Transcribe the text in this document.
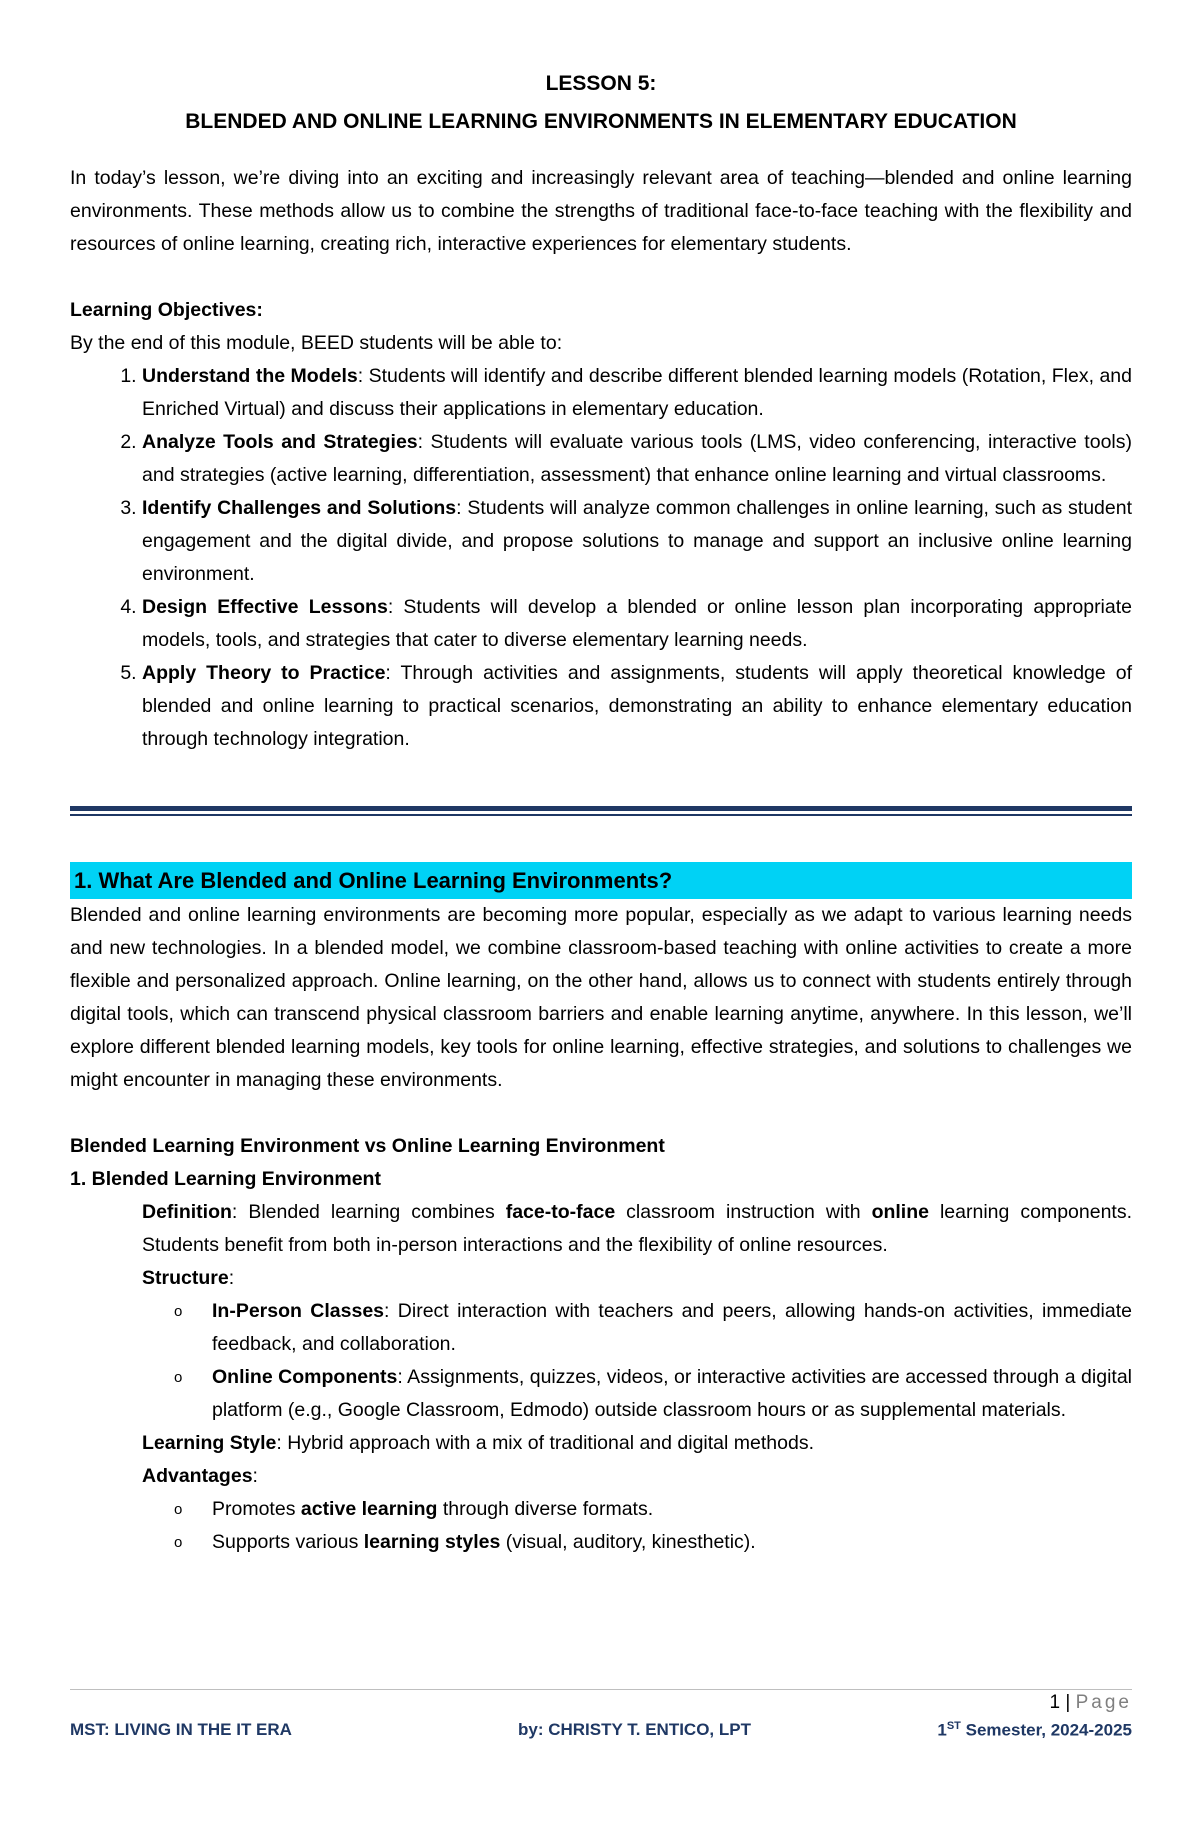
LESSON 5:
BLENDED AND ONLINE LEARNING ENVIRONMENTS IN ELEMENTARY EDUCATION

In today’s lesson, we’re diving into an exciting and increasingly relevant area of teaching—blended and online learning environments. These methods allow us to combine the strengths of traditional face-to-face teaching with the flexibility and resources of online learning, creating rich, interactive experiences for elementary students.

Learning Objectives:

By the end of this module, BEED students will be able to:

1. Understand the Models: Students will identify and describe different blended learning models (Rotation, Flex, and Enriched Virtual) and discuss their applications in elementary education.
2. Analyze Tools and Strategies: Students will evaluate various tools (LMS, video conferencing, interactive tools) and strategies (active learning, differentiation, assessment) that enhance online learning and virtual classrooms.
3. Identify Challenges and Solutions: Students will analyze common challenges in online learning, such as student engagement and the digital divide, and propose solutions to manage and support an inclusive online learning environment.
4. Design Effective Lessons: Students will develop a blended or online lesson plan incorporating appropriate models, tools, and strategies that cater to diverse elementary learning needs.
5. Apply Theory to Practice: Through activities and assignments, students will apply theoretical knowledge of blended and online learning to practical scenarios, demonstrating an ability to enhance elementary education through technology integration.
1. What Are Blended and Online Learning Environments?

Blended and online learning environments are becoming more popular, especially as we adapt to various learning needs and new technologies. In a blended model, we combine classroom-based teaching with online activities to create a more flexible and personalized approach. Online learning, on the other hand, allows us to connect with students entirely through digital tools, which can transcend physical classroom barriers and enable learning anytime, anywhere. In this lesson, we’ll explore different blended learning models, key tools for online learning, effective strategies, and solutions to challenges we might encounter in managing these environments.

Blended Learning Environment vs Online Learning Environment

1. Blended Learning Environment

Definition: Blended learning combines face-to-face classroom instruction with online learning components. Students benefit from both in-person interactions and the flexibility of online resources.

Structure:

o In-Person Classes: Direct interaction with teachers and peers, allowing hands-on activities, immediate feedback, and collaboration.
o Online Components: Assignments, quizzes, videos, or interactive activities are accessed through a digital platform (e.g., Google Classroom, Edmodo) outside classroom hours or as supplemental materials.

Learning Style: Hybrid approach with a mix of traditional and digital methods.

Advantages:

o Promotes active learning through diverse formats.
o Supports various learning styles (visual, auditory, kinesthetic).
1 | Page
MST: LIVING IN THE IT ERA	by: CHRISTY T. ENTICO, LPT	1ST Semester, 2024-2025
